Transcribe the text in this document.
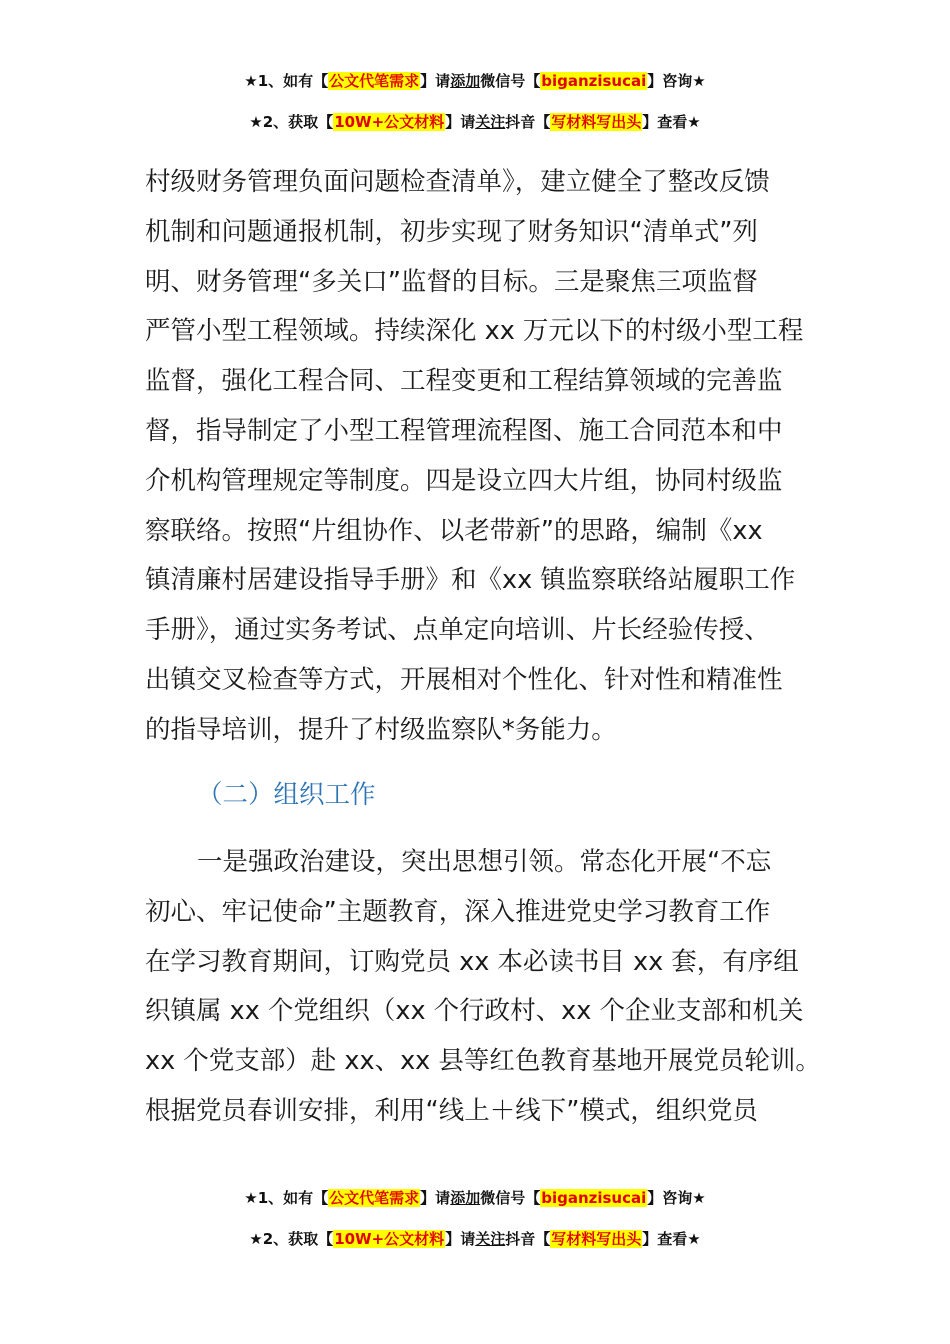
★1、如有【公文代笔需求】请添加微信号【biganzisucai】咨询★
★2、获取【10W+公文材料】请关注抖音【写材料写出头】查看★
村级财务管理负面问题检查清单》，建立健全了整改反馈
机制和问题通报机制，初步实现了财务知识“清单式”列
明、财务管理“多关口”监督的目标。三是聚焦三项监督
严管小型工程领域。持续深化 xx 万元以下的村级小型工程
监督，强化工程合同、工程变更和工程结算领域的完善监
督，指导制定了小型工程管理流程图、施工合同范本和中
介机构管理规定等制度。四是设立四大片组，协同村级监
察联络。按照“片组协作、以老带新”的思路，编制《xx
镇清廉村居建设指导手册》和《xx 镇监察联络站履职工作
手册》，通过实务考试、点单定向培训、片长经验传授、
出镇交叉检查等方式，开展相对个性化、针对性和精准性
的指导培训，提升了村级监察队*务能力。
（二）组织工作
一是强政治建设，突出思想引领。常态化开展“不忘
初心、牢记使命”主题教育，深入推进党史学习教育工作
在学习教育期间，订购党员 xx 本必读书目 xx 套，有序组
织镇属 xx 个党组织（xx 个行政村、xx 个企业支部和机关
xx 个党支部）赴 xx、xx 县等红色教育基地开展党员轮训。
根据党员春训安排，利用“线上＋线下”模式，组织党员
★1、如有【公文代笔需求】请添加微信号【biganzisucai】咨询★
★2、获取【10W+公文材料】请关注抖音【写材料写出头】查看★
